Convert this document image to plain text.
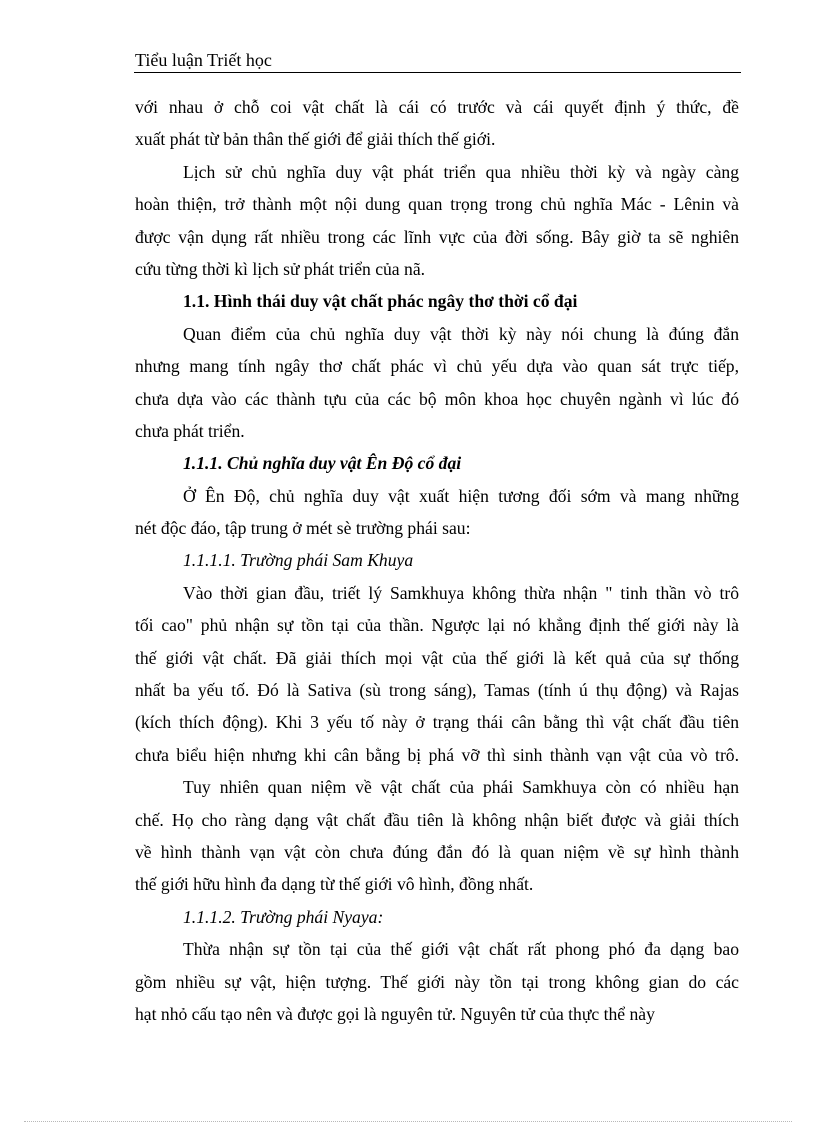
Tiểu luận Triết học
với nhau ở chỗ coi vật chất là cái có trước và cái quyết định ý thức, đề
xuất phát từ bản thân thế giới để giải thích thế giới.
Lịch sử chủ nghĩa duy vật phát triển qua nhiều thời kỳ và ngày càng
hoàn thiện, trở thành một nội dung quan trọng trong chủ nghĩa Mác - Lênin và
được vận dụng rất nhiều trong các lĩnh vực của đời sống. Bây giờ ta sẽ nghiên
cứu từng thời kì lịch sử phát triển của nã.
1.1. Hình thái duy vật chất phác ngây thơ thời cổ đại
Quan điểm của chủ nghĩa duy vật thời kỳ này nói chung là đúng đắn
nhưng mang tính ngây thơ chất phác vì chủ yếu dựa vào quan sát trực tiếp,
chưa dựa vào các thành tựu của các bộ môn khoa học chuyên ngành vì lúc đó
chưa phát triển.
1.1.1. Chủ nghĩa duy vật Ên Độ cổ đại
Ở Ên Độ, chủ nghĩa duy vật xuất hiện tương đối sớm và mang những
nét độc đáo, tập trung ở mét sè trường phái sau:
1.1.1.1. Trường phái Sam Khuya
Vào thời gian đầu, triết lý Samkhuya không thừa nhận " tinh thần vò trô
tối cao" phủ nhận sự tồn tại của thần. Ngược lại nó khẳng định thế giới này là
thế giới vật chất. Đã giải thích mọi vật của thế giới là kết quả của sự thống
nhất ba yếu tố. Đó là Sativa (sù trong sáng), Tamas (tính ú thụ động) và Rajas
(kích thích động). Khi 3 yếu tố này ở trạng thái cân bằng thì vật chất đầu tiên
chưa biểu hiện nhưng khi cân bằng bị phá vỡ thì sinh thành vạn vật của vò trô.
Tuy nhiên quan niệm về vật chất của phái Samkhuya còn có nhiều hạn
chế. Họ cho ràng dạng vật chất đầu tiên là không nhận biết được và giải thích
về hình thành vạn vật còn chưa đúng đắn đó là quan niệm về sự hình thành
thế giới hữu hình đa dạng từ thế giới vô hình, đồng nhất.
1.1.1.2. Trường phái Nyaya:
Thừa nhận sự tồn tại của thế giới vật chất rất phong phó đa dạng bao
gồm nhiều sự vật, hiện tượng. Thế giới này tồn tại trong không gian do các
hạt nhỏ cấu tạo nên và được gọi là nguyên tử. Nguyên tử của thực thể này
